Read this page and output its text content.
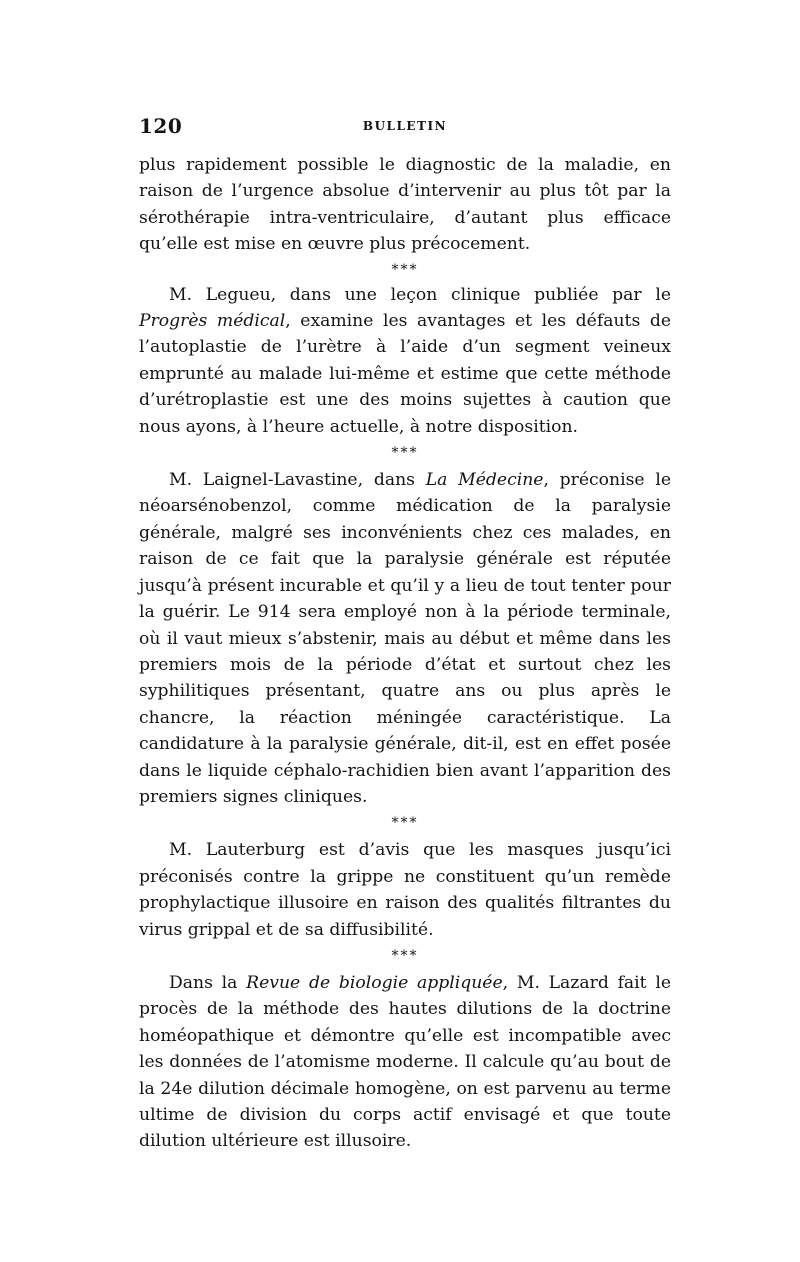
120	BULLETIN

plus rapidement possible le diagnostic de la maladie, en raison de l’urgence absolue d’intervenir au plus tôt par la sérothérapie intra-ventriculaire, d’autant plus efficace qu’elle est mise en œuvre plus précocement.

***

M. Legueu, dans une leçon clinique publiée par le Progrès médical, examine les avantages et les défauts de l’autoplastie de l’urètre à l’aide d’un segment veineux emprunté au malade lui-même et estime que cette méthode d’urétroplastie est une des moins sujettes à caution que nous ayons, à l’heure actuelle, à notre disposition.

***

M. Laignel-Lavastine, dans La Médecine, préconise le néoarsénobenzol, comme médication de la paralysie générale, malgré ses inconvénients chez ces malades, en raison de ce fait que la paralysie générale est réputée jusqu’à présent incurable et qu’il y a lieu de tout tenter pour la guérir. Le 914 sera employé non à la période terminale, où il vaut mieux s’abstenir, mais au début et même dans les premiers mois de la période d’état et surtout chez les syphilitiques présentant, quatre ans ou plus après le chancre, la réaction méningée caractéristique. La candidature à la paralysie générale, dit-il, est en effet posée dans le liquide céphalo-rachidien bien avant l’apparition des premiers signes cliniques.

***

M. Lauterburg est d’avis que les masques jusqu’ici préconisés contre la grippe ne constituent qu’un remède prophylactique illusoire en raison des qualités filtrantes du virus grippal et de sa diffusibilité.

***

Dans la Revue de biologie appliquée, M. Lazard fait le procès de la méthode des hautes dilutions de la doctrine homéopathique et démontre qu’elle est incompatible avec les données de l’atomisme moderne. Il calcule qu’au bout de la 24e dilution décimale homogène, on est parvenu au terme ultime de division du corps actif envisagé et que toute dilution ultérieure est illusoire.
